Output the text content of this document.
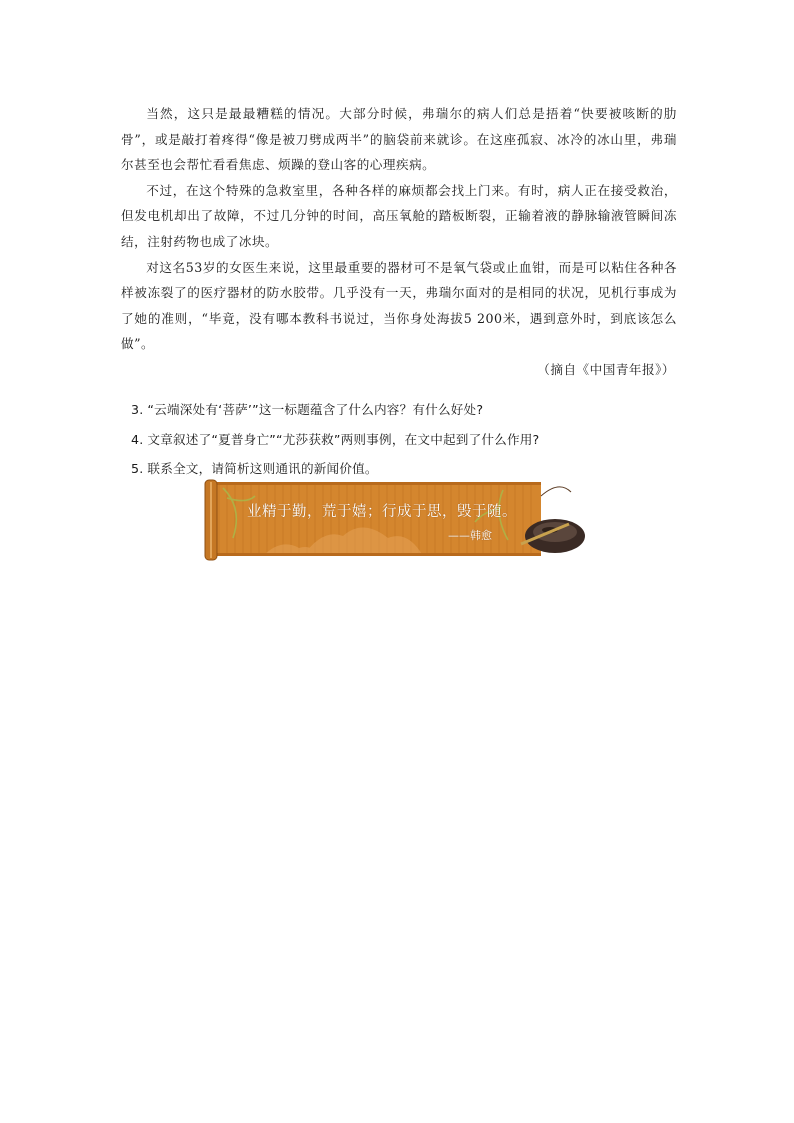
当然，这只是最最糟糕的情况。大部分时候，弗瑞尔的病人们总是捂着“快要被咳断的肋骨”，或是敲打着疼得“像是被刀劈成两半”的脑袋前来就诊。在这座孤寂、冰冷的冰山里，弗瑞尔甚至也会帮忙看看焦虑、烦躁的登山客的心理疾病。

不过，在这个特殊的急救室里，各种各样的麻烦都会找上门来。有时，病人正在接受救治，但发电机却出了故障，不过几分钟的时间，高压氧舱的踏板断裂，正输着液的静脉输液管瞬间冻结，注射药物也成了冰块。

对这名53岁的女医生来说，这里最重要的器材可不是氧气袋或止血钳，而是可以粘住各种各样被冻裂了的医疗器材的防水胶带。几乎没有一天，弗瑞尔面对的是相同的状况，见机行事成为了她的准则，“毕竟，没有哪本教科书说过，当你身处海拔5 200米，遇到意外时，到底该怎么做”。

（摘自《中国青年报》）

3. “云端深处有‘菩萨’”这一标题蕴含了什么内容？有什么好处?

4. 文章叙述了“夏普身亡”“尤莎获救”两则事例，在文中起到了什么作用?

5. 联系全文，请简析这则通讯的新闻价值。

业精于勤，荒于嬉；行成于思，毁于随。
——韩愈
